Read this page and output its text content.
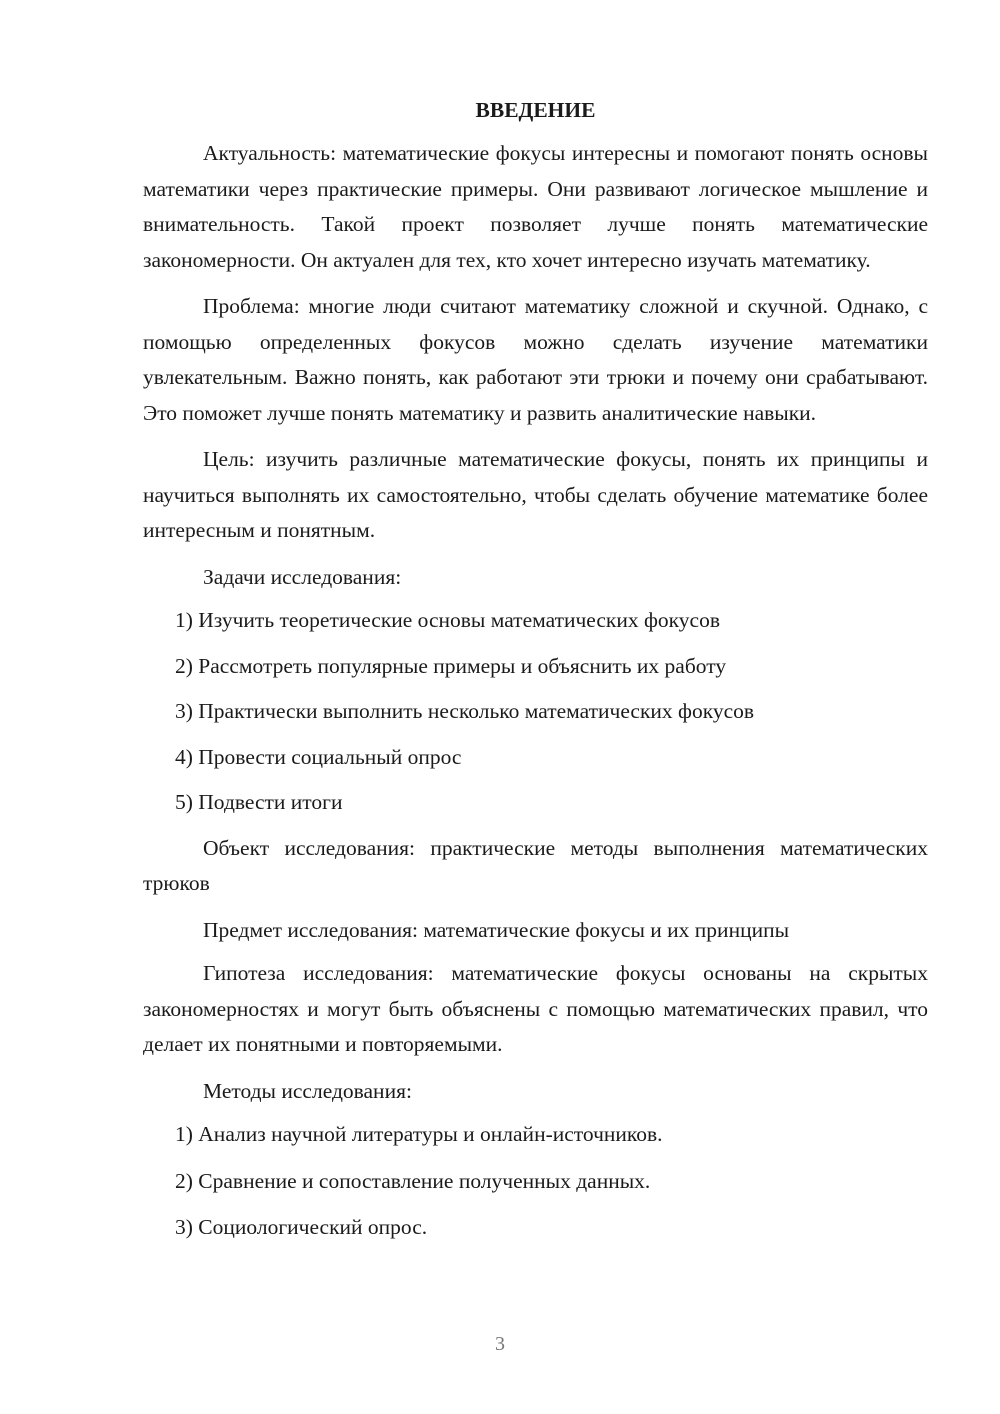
ВВЕДЕНИЕ

Актуальность: математические фокусы интересны и помогают понять основы математики через практические примеры. Они развивают логическое мышление и внимательность. Такой проект позволяет лучше понять математические закономерности. Он актуален для тех, кто хочет интересно изучать математику.

Проблема: многие люди считают математику сложной и скучной. Однако, с помощью определенных фокусов можно сделать изучение математики увлекательным. Важно понять, как работают эти трюки и почему они срабатывают. Это поможет лучше понять математику и развить аналитические навыки.

Цель: изучить различные математические фокусы, понять их принципы и научиться выполнять их самостоятельно, чтобы сделать обучение математике более интересным и понятным.

Задачи исследования:

1) Изучить теоретические основы математических фокусов
2) Рассмотреть популярные примеры и объяснить их работу
3) Практически выполнить несколько математических фокусов
4) Провести социальный опрос
5) Подвести итоги

Объект исследования: практические методы выполнения математических трюков

Предмет исследования: математические фокусы и их принципы

Гипотеза исследования: математические фокусы основаны на скрытых закономерностях и могут быть объяснены с помощью математических правил, что делает их понятными и повторяемыми.

Методы исследования:

1) Анализ научной литературы и онлайн-источников.
2) Сравнение и сопоставление полученных данных.
3) Социологический опрос.
3
